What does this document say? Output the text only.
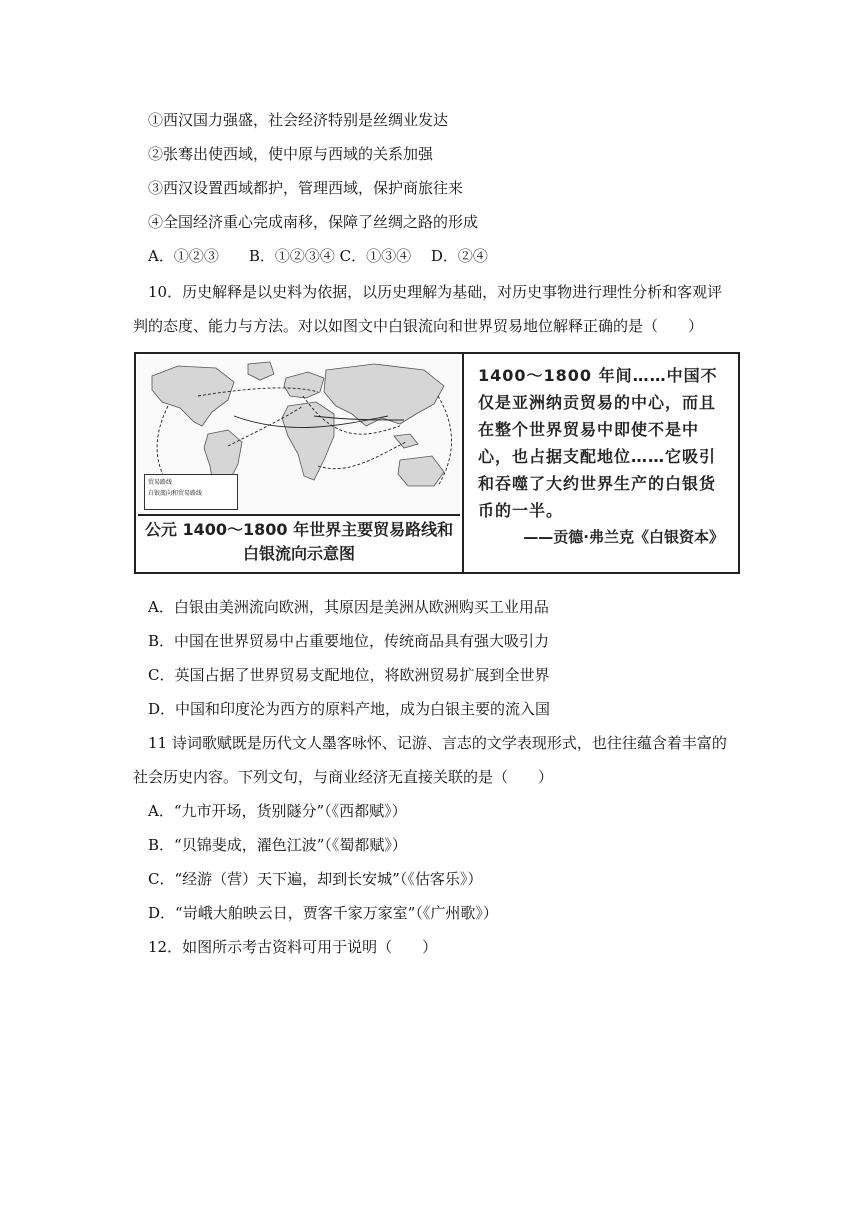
①西汉国力强盛，社会经济特别是丝绸业发达
②张骞出使西域，使中原与西域的关系加强
③西汉设置西域都护，管理西域，保护商旅往来
④全国经济重心完成南移，保障了丝绸之路的形成
A．①②③　　B．①②③④ C．①③④　 D．②④
10．历史解释是以史料为依据，以历史理解为基础，对历史事物进行理性分析和客观评
判的态度、能力与方法。对以如图文中白银流向和世界贸易地位解释正确的是（　　）
贸易路线
白银流向和贸易路线
公元 1400～1800 年世界主要贸易路线和
白银流向示意图
1400～1800 年间……中国不仅是亚洲纳贡贸易的中心，而且在整个世界贸易中即使不是中心，也占据支配地位……它吸引和吞噬了大约世界生产的白银货币的一半。
——贡德·弗兰克《白银资本》
A．白银由美洲流向欧洲，其原因是美洲从欧洲购买工业用品
B．中国在世界贸易中占重要地位，传统商品具有强大吸引力
C．英国占据了世界贸易支配地位，将欧洲贸易扩展到全世界
D．中国和印度沦为西方的原料产地，成为白银主要的流入国
11 诗词歌赋既是历代文人墨客咏怀、记游、言志的文学表现形式，也往往蕴含着丰富的
社会历史内容。下列文句，与商业经济无直接关联的是（　　）
A．“九市开场，货别隧分”（《西都赋》）
B．“贝锦斐成，濯色江波”（《蜀都赋》）
C．“经游（营）天下遍，却到长安城”（《估客乐》）
D．“岢峨大舶映云日，贾客千家万家室”（《广州歌》）
12．如图所示考古资料可用于说明（　　）
